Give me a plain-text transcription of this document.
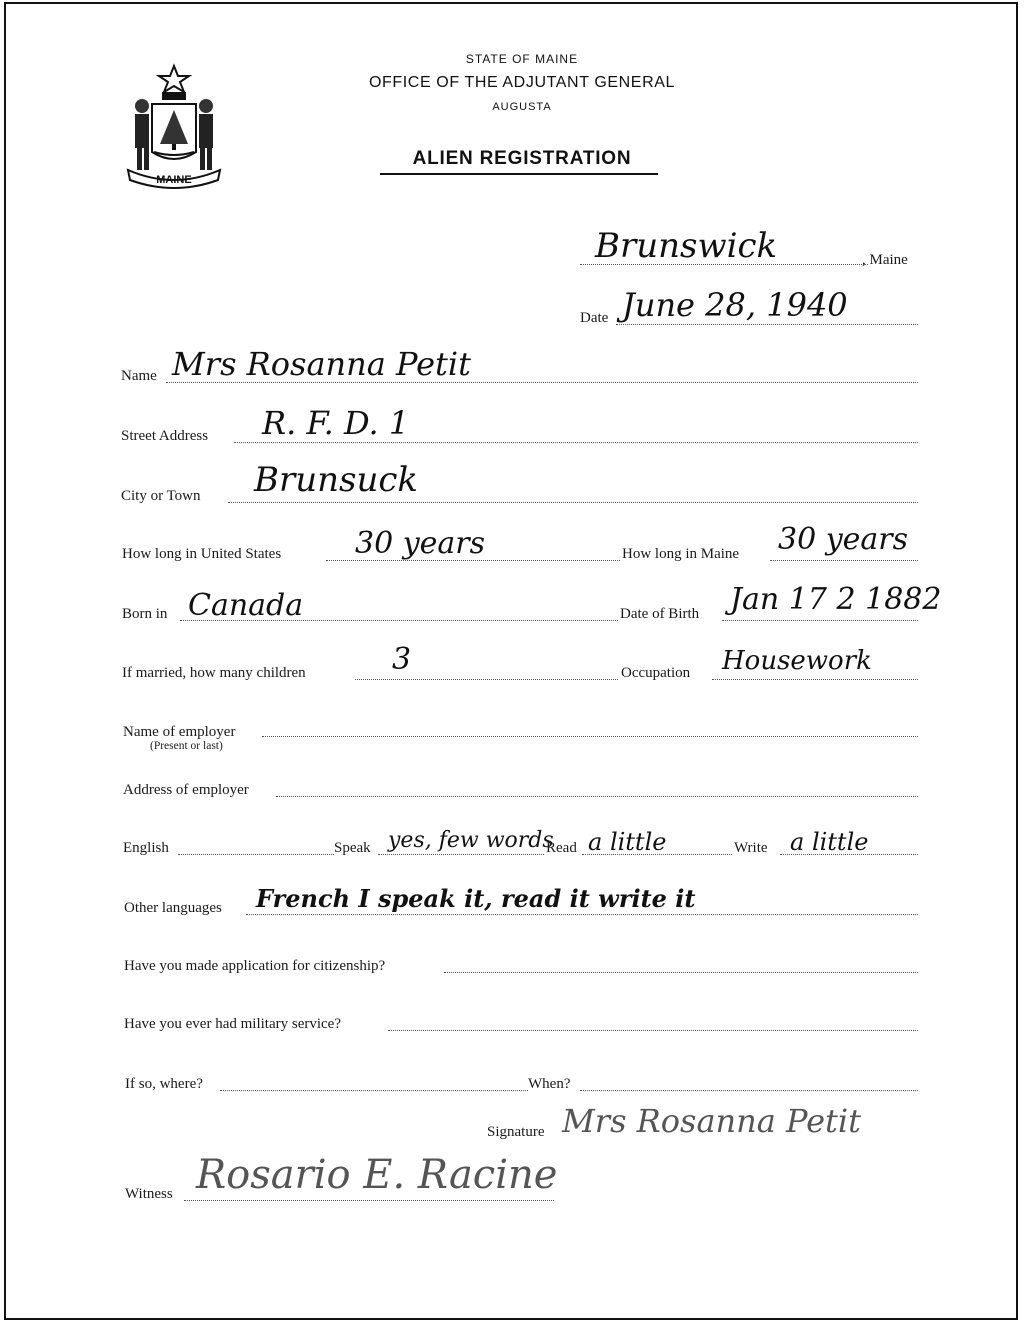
MAINE
STATE OF MAINE
OFFICE OF THE ADJUTANT GENERAL
AUGUSTA
ALIEN REGISTRATION
Brunswick	, Maine
Date June 28, 1940
Name Mrs Rosanna Petit
Street Address R. F. D. 1
City or Town Brunsuck
How long in United States 30 years	How long in Maine 30 years
Born in Canada	Date of Birth Jan 17 2 1882
If married, how many children	3	Occupation Housework
Name of employer
(Present or last)
Address of employer
English	Speak yes, few words
Read a little	Write a little
Other languages French I speak it, read it write it
Have you made application for citizenship?
Have you ever had military service?
If so, where?	When?
Signature Mrs Rosanna Petit
Witness Rosario E. Racine
